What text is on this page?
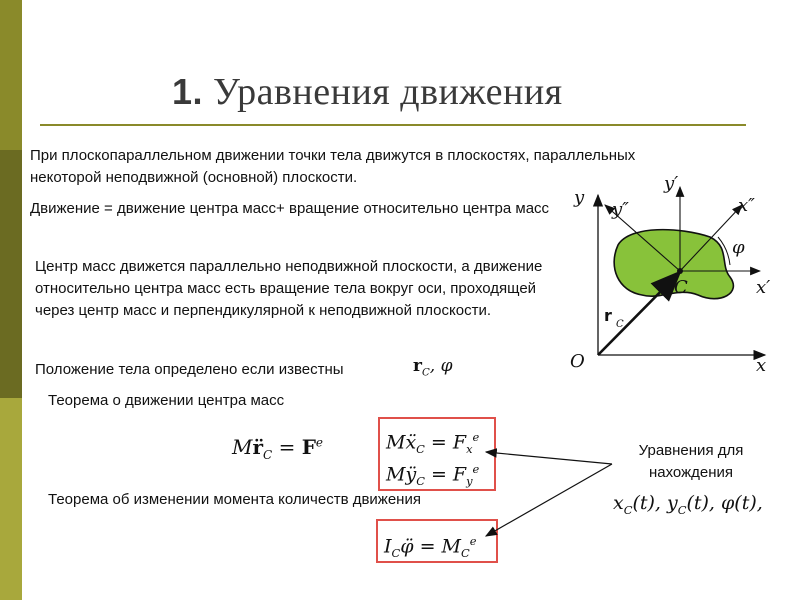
1. Уравнения движения
При плоскопараллельном движении точки тела движутся в плоскостях, параллельных некоторой неподвижной (основной) плоскости.
Движение = движение центра масс+ вращение относительно центра масс
Центр масс движется параллельно неподвижной плоскости, а движение относительно центра масс есть вращение тела вокруг оси, проходящей через центр масс и перпендикулярной к неподвижной плоскости.
Положение тела определено если известны	$r_C$, φ
Теорема о движении центра масс
$Mr̈_C = F^e$	$Mẍ_C = F_x^e$
$Mÿ_C = F_y^e$
Теорема об изменении момента количеств движения
$I_C\varphï = M_C^e$
Уравнения для нахождения
$x_C(t)$, $y_C(t)$, φ(t),
y
y′
y″
x
x′
x″
φ
C
O
r C
